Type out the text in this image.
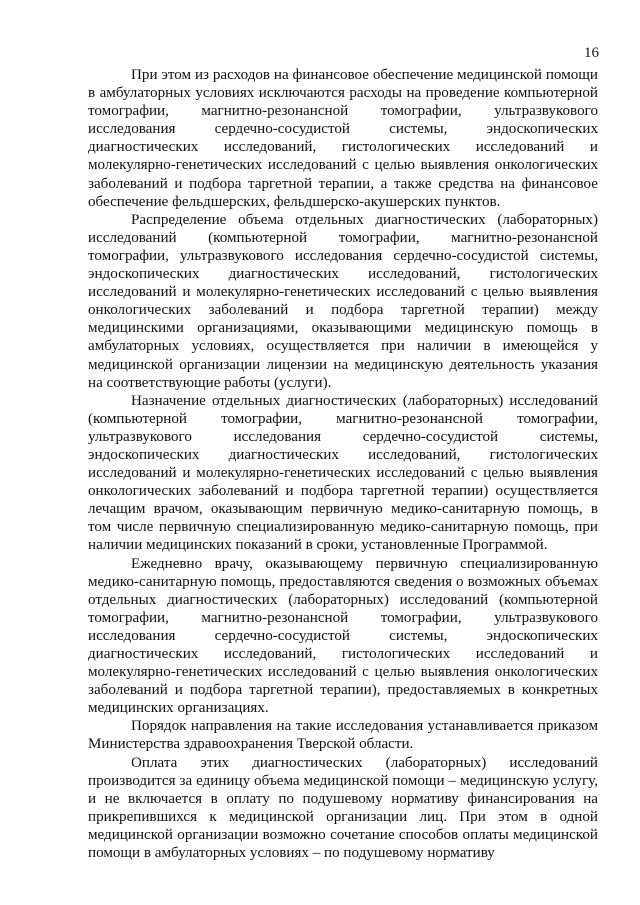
16

При этом из расходов на финансовое обеспечение медицинской помощи в амбулаторных условиях исключаются расходы на проведение компьютерной томографии, магнитно-резонансной томографии, ультразвукового исследования сердечно-сосудистой системы, эндоскопических диагностических исследований, гистологических исследований и молекулярно-генетических исследований с целью выявления онкологических заболеваний и подбора таргетной терапии, а также средства на финансовое обеспечение фельдшерских, фельдшерско-акушерских пунктов.

Распределение объема отдельных диагностических (лабораторных) исследований (компьютерной томографии, магнитно-резонансной томографии, ультразвукового исследования сердечно-сосудистой системы, эндоскопических диагностических исследований, гистологических исследований и молекулярно-генетических исследований с целью выявления онкологических заболеваний и подбора таргетной терапии) между медицинскими организациями, оказывающими медицинскую помощь в амбулаторных условиях, осуществляется при наличии в имеющейся у медицинской организации лицензии на медицинскую деятельность указания на соответствующие работы (услуги).

Назначение отдельных диагностических (лабораторных) исследований (компьютерной томографии, магнитно-резонансной томографии, ультразвукового исследования сердечно-сосудистой системы, эндоскопических диагностических исследований, гистологических исследований и молекулярно-генетических исследований с целью выявления онкологических заболеваний и подбора таргетной терапии) осуществляется лечащим врачом, оказывающим первичную медико-санитарную помощь, в том числе первичную специализированную медико-санитарную помощь, при наличии медицинских показаний в сроки, установленные Программой.

Ежедневно врачу, оказывающему первичную специализированную медико-санитарную помощь, предоставляются сведения о возможных объемах отдельных диагностических (лабораторных) исследований (компьютерной томографии, магнитно-резонансной томографии, ультразвукового исследования сердечно-сосудистой системы, эндоскопических диагностических исследований, гистологических исследований и молекулярно-генетических исследований с целью выявления онкологических заболеваний и подбора таргетной терапии), предоставляемых в конкретных медицинских организациях.

Порядок направления на такие исследования устанавливается приказом Министерства здравоохранения Тверской области.

Оплата этих диагностических (лабораторных) исследований производится за единицу объема медицинской помощи – медицинскую услугу, и не включается в оплату по подушевому нормативу финансирования на прикрепившихся к медицинской организации лиц. При этом в одной медицинской организации возможно сочетание способов оплаты медицинской помощи в амбулаторных условиях – по подушевому нормативу
